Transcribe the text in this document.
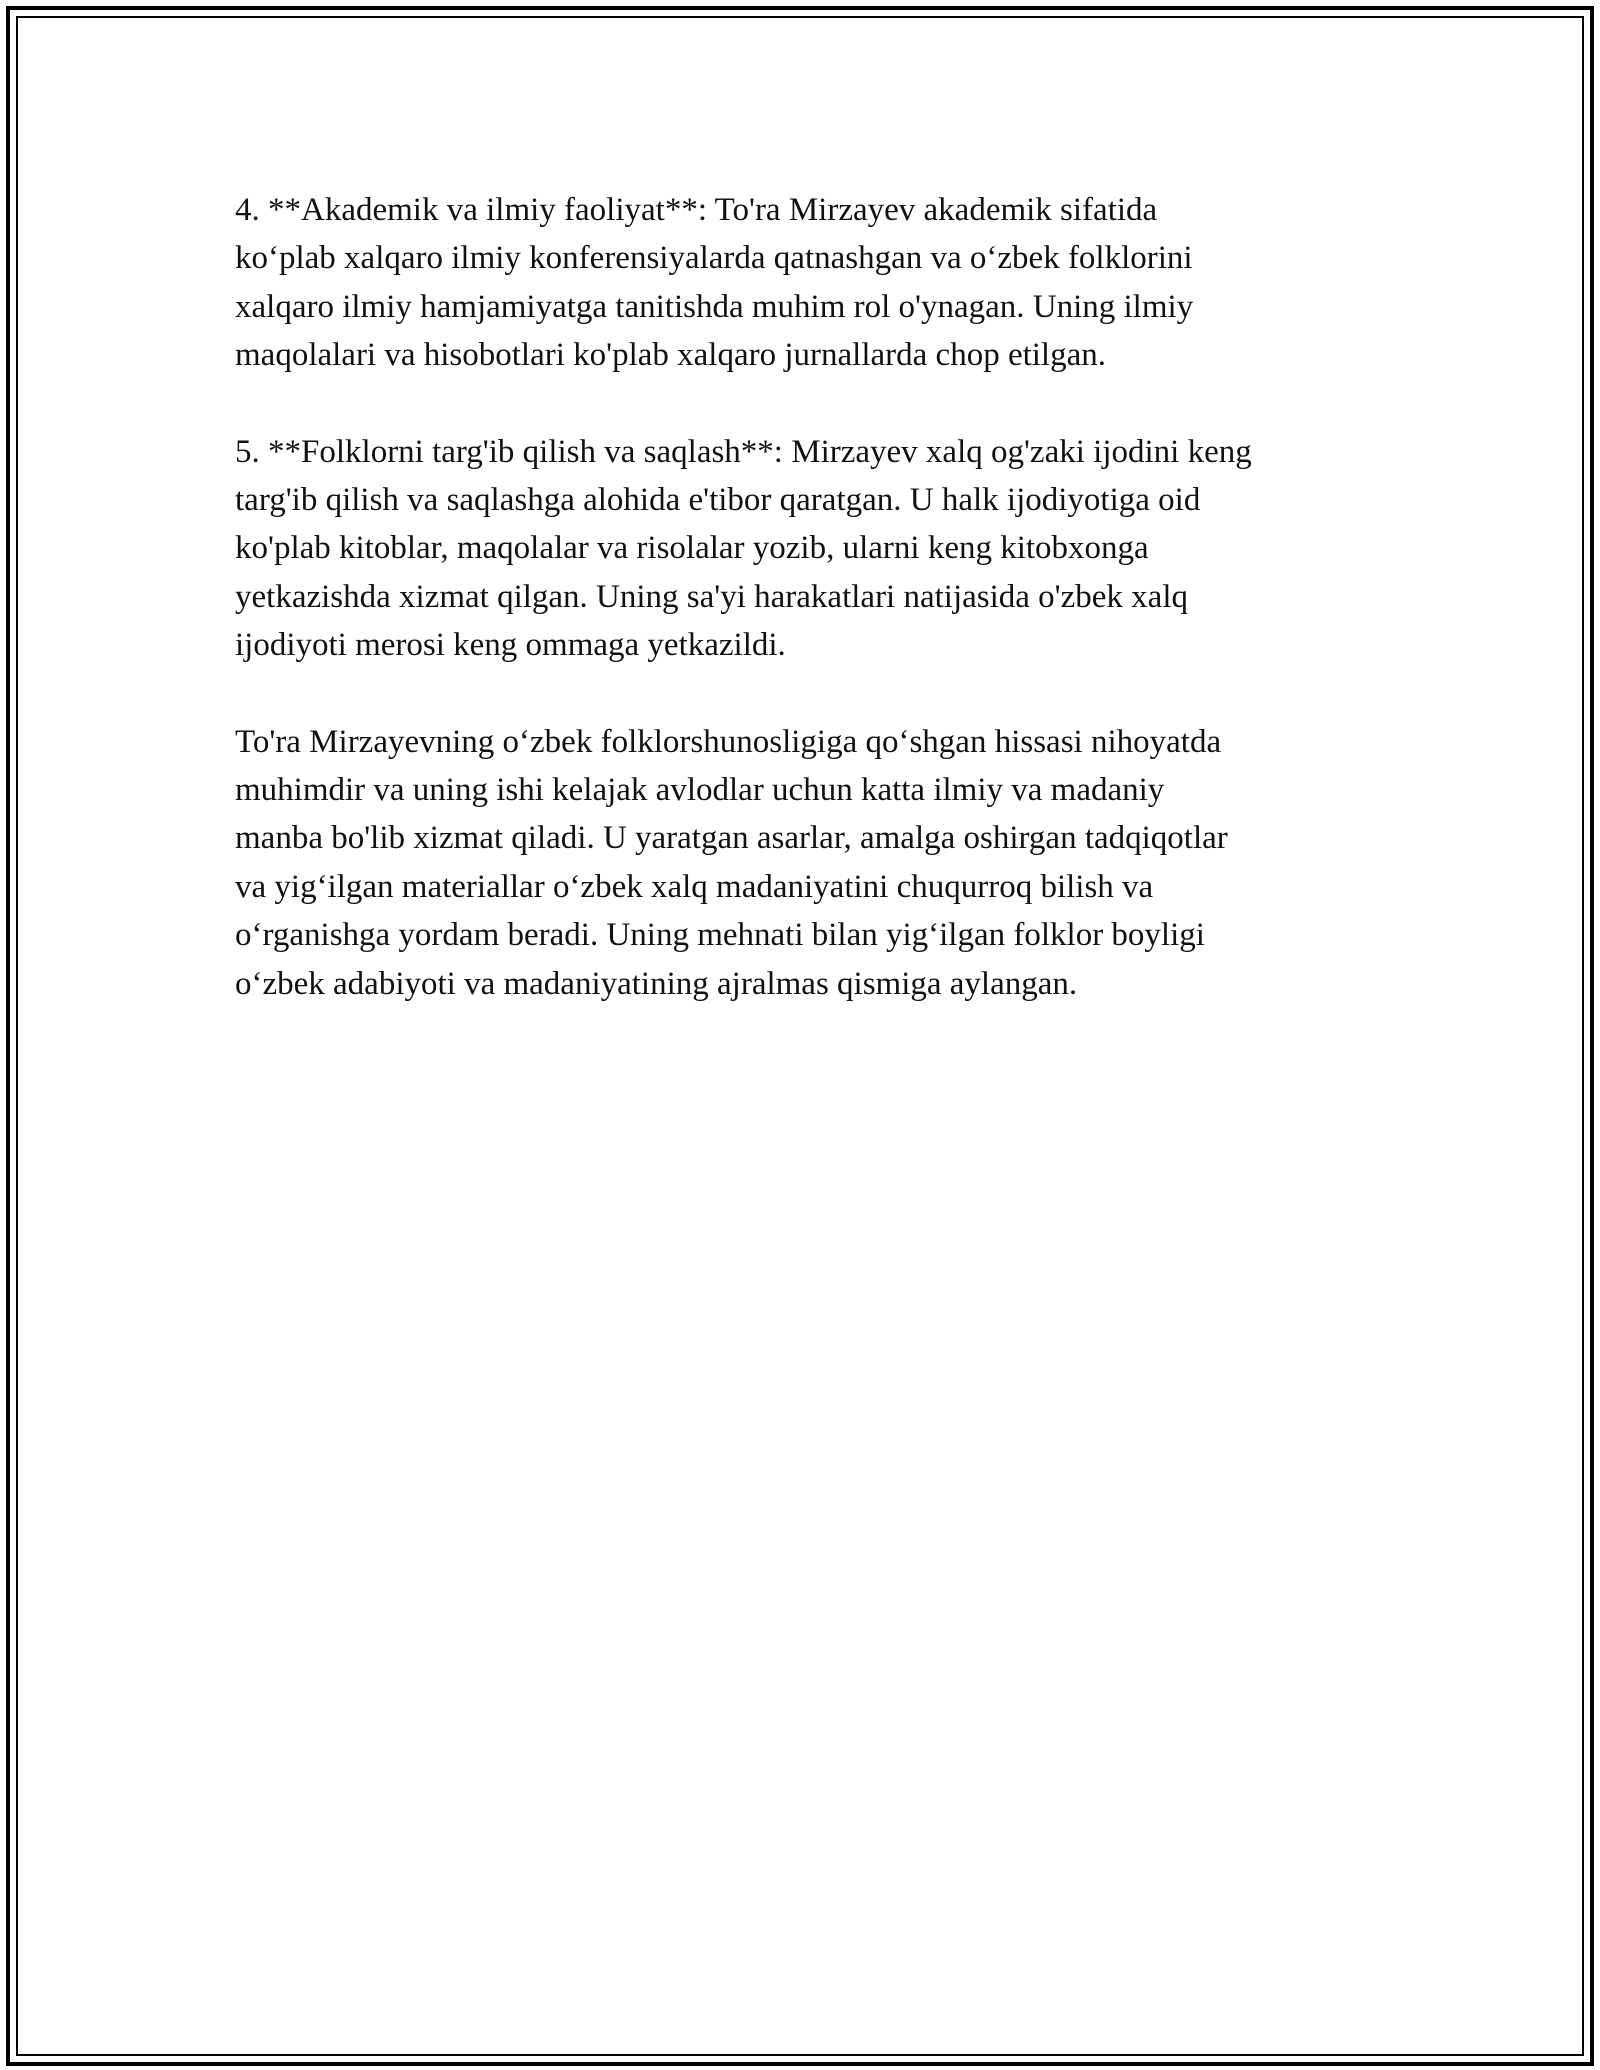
4. **Akademik va ilmiy faoliyat**: To'ra Mirzayev akademik sifatida
ko‘plab xalqaro ilmiy konferensiyalarda qatnashgan va o‘zbek folklorini
xalqaro ilmiy hamjamiyatga tanitishda muhim rol o'ynagan. Uning ilmiy
maqolalari va hisobotlari ko'plab xalqaro jurnallarda chop etilgan.

5. **Folklorni targ'ib qilish va saqlash**: Mirzayev xalq og'zaki ijodini keng
targ'ib qilish va saqlashga alohida e'tibor qaratgan. U halk ijodiyotiga oid
ko'plab kitoblar, maqolalar va risolalar yozib, ularni keng kitobxonga
yetkazishda xizmat qilgan. Uning sa'yi harakatlari natijasida o'zbek xalq
ijodiyoti merosi keng ommaga yetkazildi.

To'ra Mirzayevning o‘zbek folklorshunosligiga qo‘shgan hissasi nihoyatda
muhimdir va uning ishi kelajak avlodlar uchun katta ilmiy va madaniy
manba bo'lib xizmat qiladi. U yaratgan asarlar, amalga oshirgan tadqiqotlar
va yig‘ilgan materiallar o‘zbek xalq madaniyatini chuqurroq bilish va
o‘rganishga yordam beradi. Uning mehnati bilan yig‘ilgan folklor boyligi
o‘zbek adabiyoti va madaniyatining ajralmas qismiga aylangan.
